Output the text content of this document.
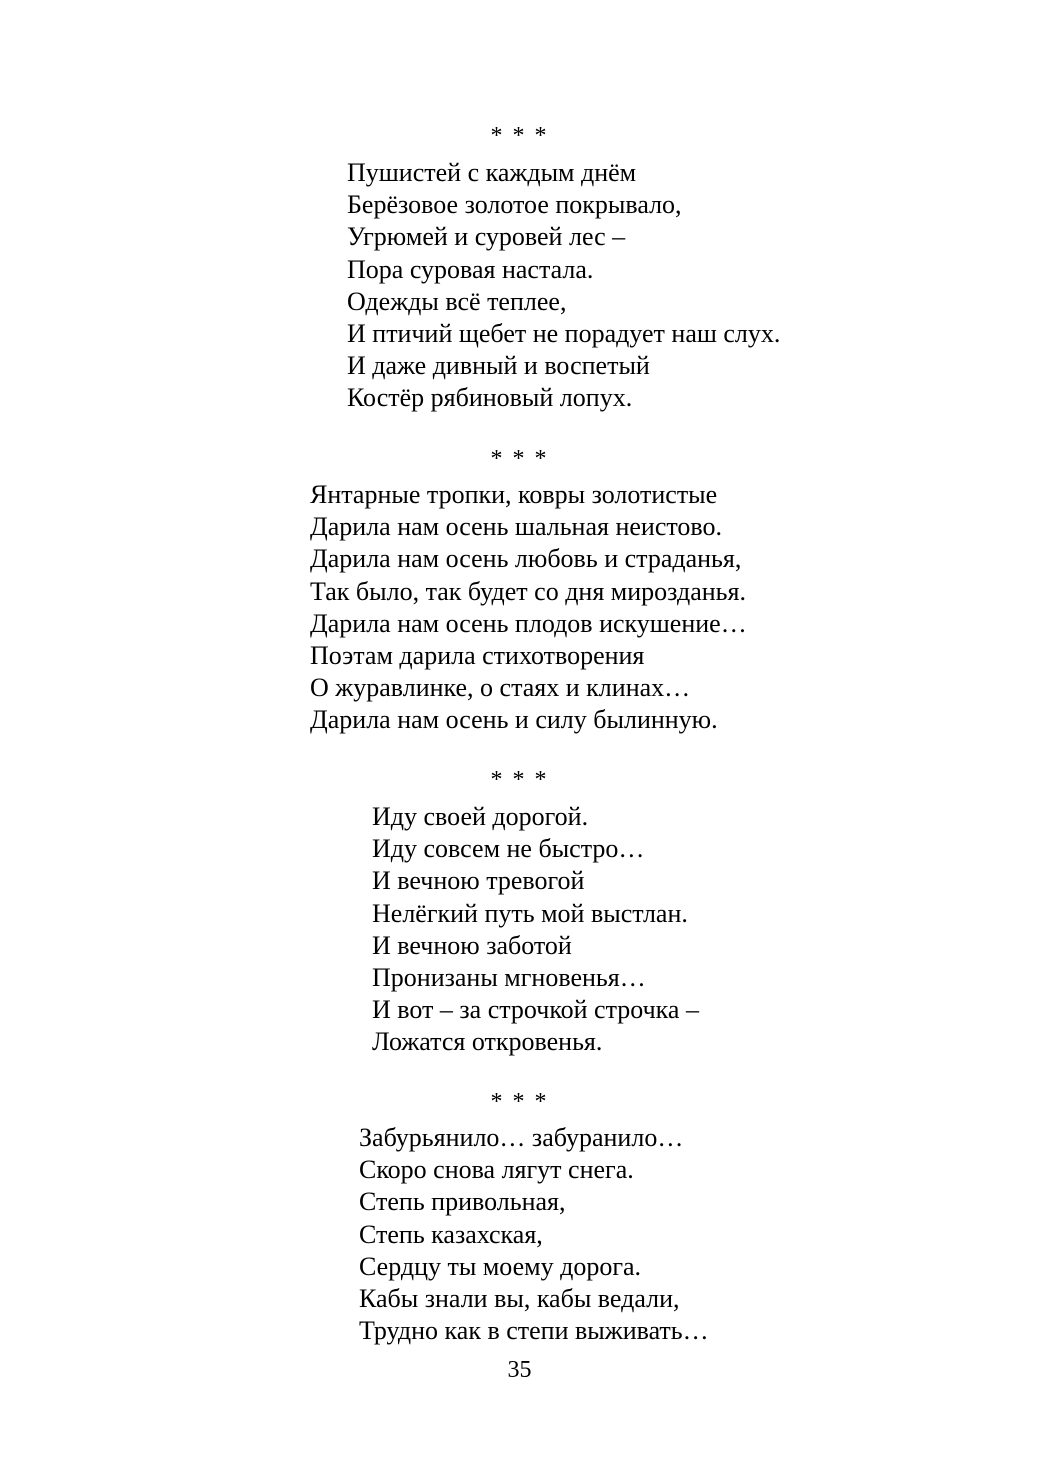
* * *
Пушистей с каждым днём
Берёзовое золотое покрывало,
Угрюмей и суровей лес –
Пора суровая настала.
Одежды всё теплее,
И птичий щебет не порадует наш слух.
И даже дивный и воспетый
Костёр рябиновый лопух.
* * *
Янтарные тропки, ковры золотистые
Дарила нам осень шальная неистово.
Дарила нам осень любовь и страданья,
Так было, так будет со дня мирозданья.
Дарила нам осень плодов искушение…
Поэтам дарила стихотворения
О журавлинке, о стаях и клинах…
Дарила нам осень и силу былинную.
* * *
Иду своей дорогой.
Иду совсем не быстро…
И вечною тревогой
Нелёгкий путь мой выстлан.
И вечною заботой
Пронизаны мгновенья…
И вот – за строчкой строчка –
Ложатся откровенья.
* * *
Забурьянило… забуранило…
Скоро снова лягут снега.
Степь привольная,
Степь казахская,
Сердцу ты моему дорога.
Кабы знали вы, кабы ведали,
Трудно как в степи выживать…
35
